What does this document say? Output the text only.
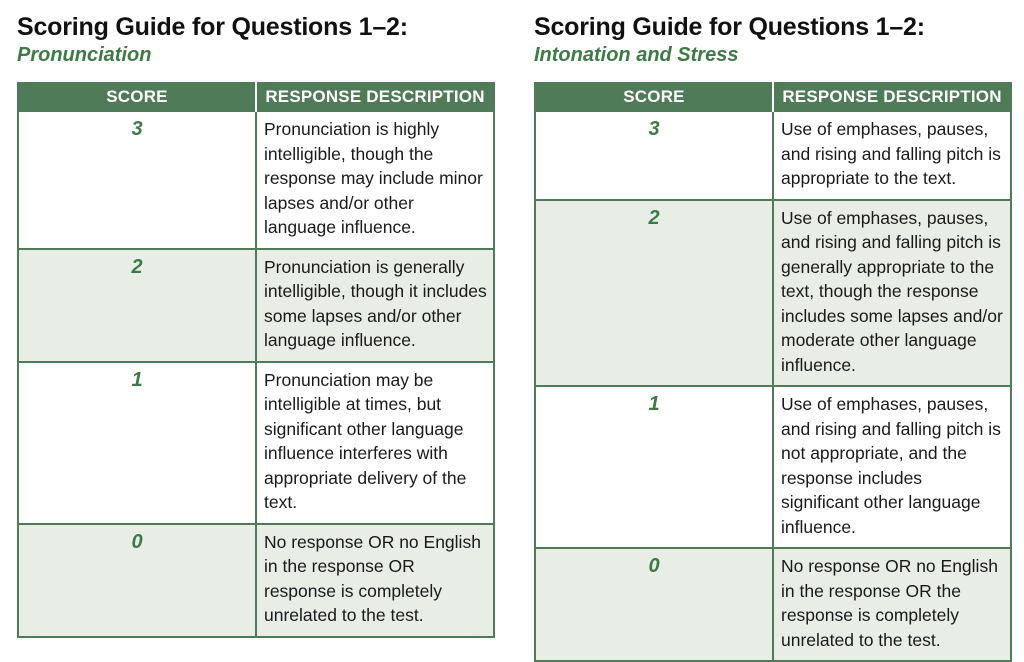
Scoring Guide for Questions 1–2:
Pronunciation
SCORE	RESPONSE DESCRIPTION
3	Pronunciation is highly intelligible, though the response may include minor lapses and/or other language influence.
2	Pronunciation is generally intelligible, though it includes some lapses and/or other language influence.
1	Pronunciation may be intelligible at times, but significant other language influence interferes with appropriate delivery of the text.
0	No response OR no English in the response OR response is completely unrelated to the test.
Scoring Guide for Questions 1–2:
Intonation and Stress
SCORE	RESPONSE DESCRIPTION
3	Use of emphases, pauses, and rising and falling pitch is appropriate to the text.
2	Use of emphases, pauses, and rising and falling pitch is generally appropriate to the text, though the response includes some lapses and/or moderate other language influence.
1	Use of emphases, pauses, and rising and falling pitch is not appropriate, and the response includes significant other language influence.
0	No response OR no English in the response OR the response is completely unrelated to the test.
